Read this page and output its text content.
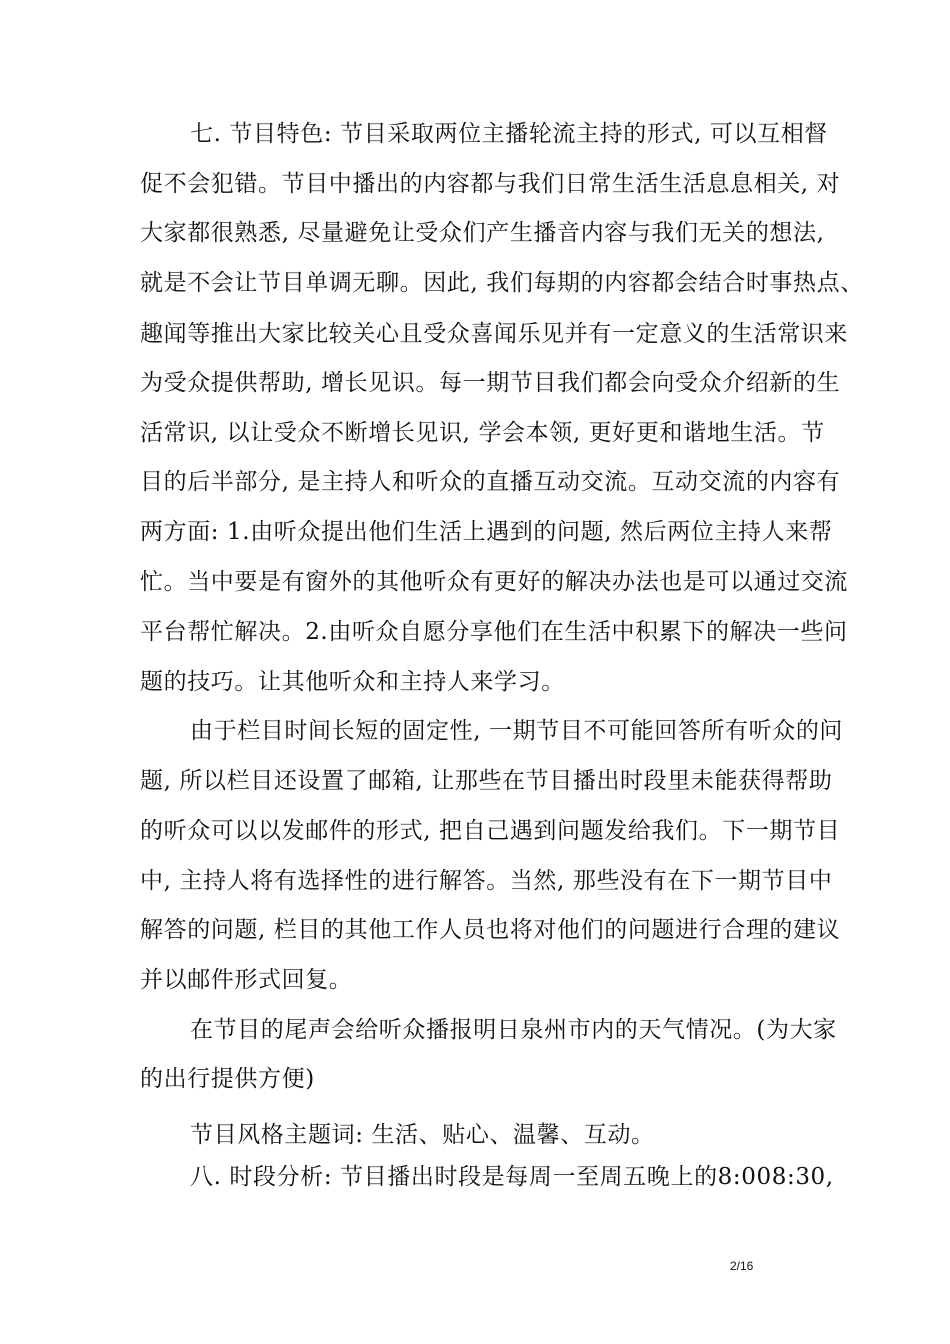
七. 节目特色: 节目采取两位主播轮流主持的形式, 可以互相督
促不会犯错。节目中播出的内容都与我们日常生活生活息息相关, 对
大家都很熟悉, 尽量避免让受众们产生播音内容与我们无关的想法,
就是不会让节目单调无聊。因此, 我们每期的内容都会结合时事热点、
趣闻等推出大家比较关心且受众喜闻乐见并有一定意义的生活常识来
为受众提供帮助, 增长见识。每一期节目我们都会向受众介绍新的生
活常识, 以让受众不断增长见识, 学会本领, 更好更和谐地生活。节
目的后半部分, 是主持人和听众的直播互动交流。互动交流的内容有
两方面: 1.由听众提出他们生活上遇到的问题, 然后两位主持人来帮
忙。当中要是有窗外的其他听众有更好的解决办法也是可以通过交流
平台帮忙解决。2.由听众自愿分享他们在生活中积累下的解决一些问
题的技巧。让其他听众和主持人来学习。
由于栏目时间长短的固定性, 一期节目不可能回答所有听众的问
题, 所以栏目还设置了邮箱, 让那些在节目播出时段里未能获得帮助
的听众可以以发邮件的形式, 把自己遇到问题发给我们。下一期节目
中, 主持人将有选择性的进行解答。当然, 那些没有在下一期节目中
解答的问题, 栏目的其他工作人员也将对他们的问题进行合理的建议
并以邮件形式回复。
在节目的尾声会给听众播报明日泉州市内的天气情况。(为大家
的出行提供方便)
节目风格主题词: 生活、贴心、温馨、互动。
八. 时段分析: 节目播出时段是每周一至周五晚上的8:008:30,
2/16
